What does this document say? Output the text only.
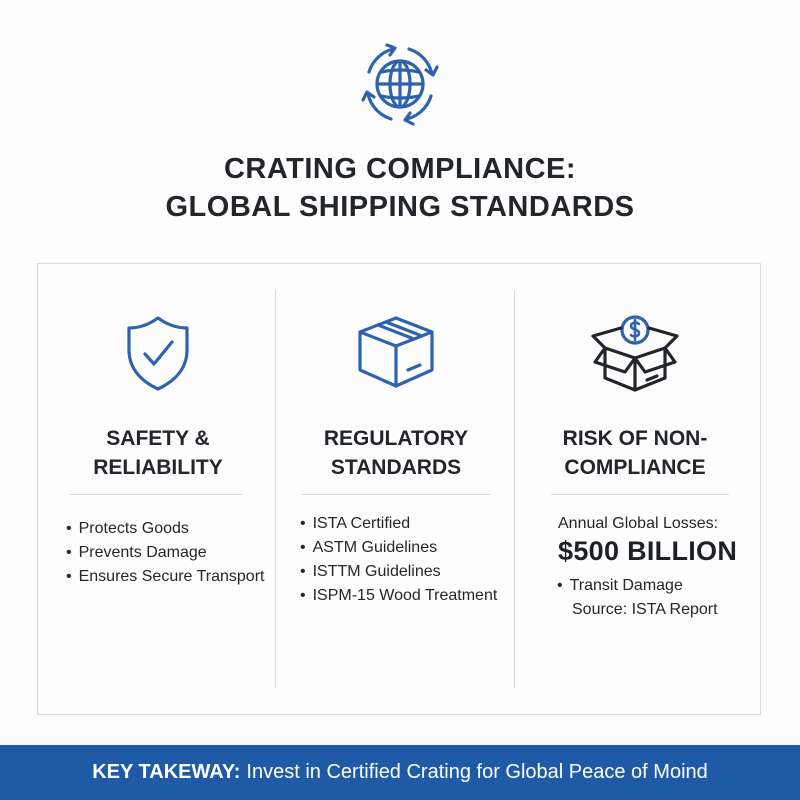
CRATING COMPLIANCE:
GLOBAL SHIPPING STANDARDS
SAFETY &
RELIABILITY
• Protects Goods
• Prevents Damage
• Ensures Secure Transport
REGULATORY
STANDARDS
• ISTA Certified
• ASTM Guidelines
• ISTTM Guidelines
• ISPM-15 Wood Treatment
RISK OF NON-
COMPLIANCE
Annual Global Losses:
$500 BILLION
• Transit Damage
Source: ISTA Report
KEY TAKEWAY: Invest in Certified Crating for Global Peace of Moind
